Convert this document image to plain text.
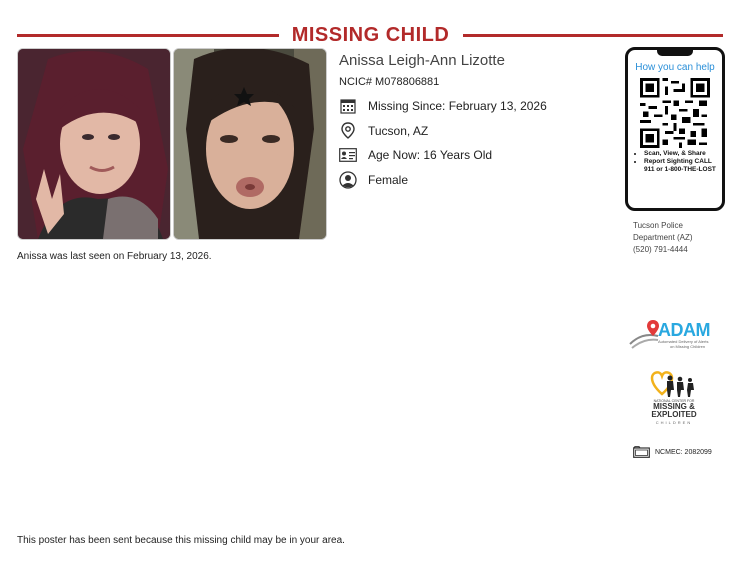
MISSING CHILD
Anissa was last seen on February 13, 2026.
Anissa Leigh-Ann Lizotte
NCIC# M078806881
Missing Since: February 13, 2026
Tucson, AZ
Age Now: 16 Years Old
Female
How you can help
• Scan, View, & Share
• Report Sighting CALL 911 or 1-800-THE-LOST
Tucson Police
Department (AZ)
(520) 791-4444
ADAM
Automated Delivery of Alerts
on Missing Children
NATIONAL CENTER FOR
MISSING &
EXPLOITED
CHILDREN
NCMEC: 2082099
This poster has been sent because this missing child may be in your area.
